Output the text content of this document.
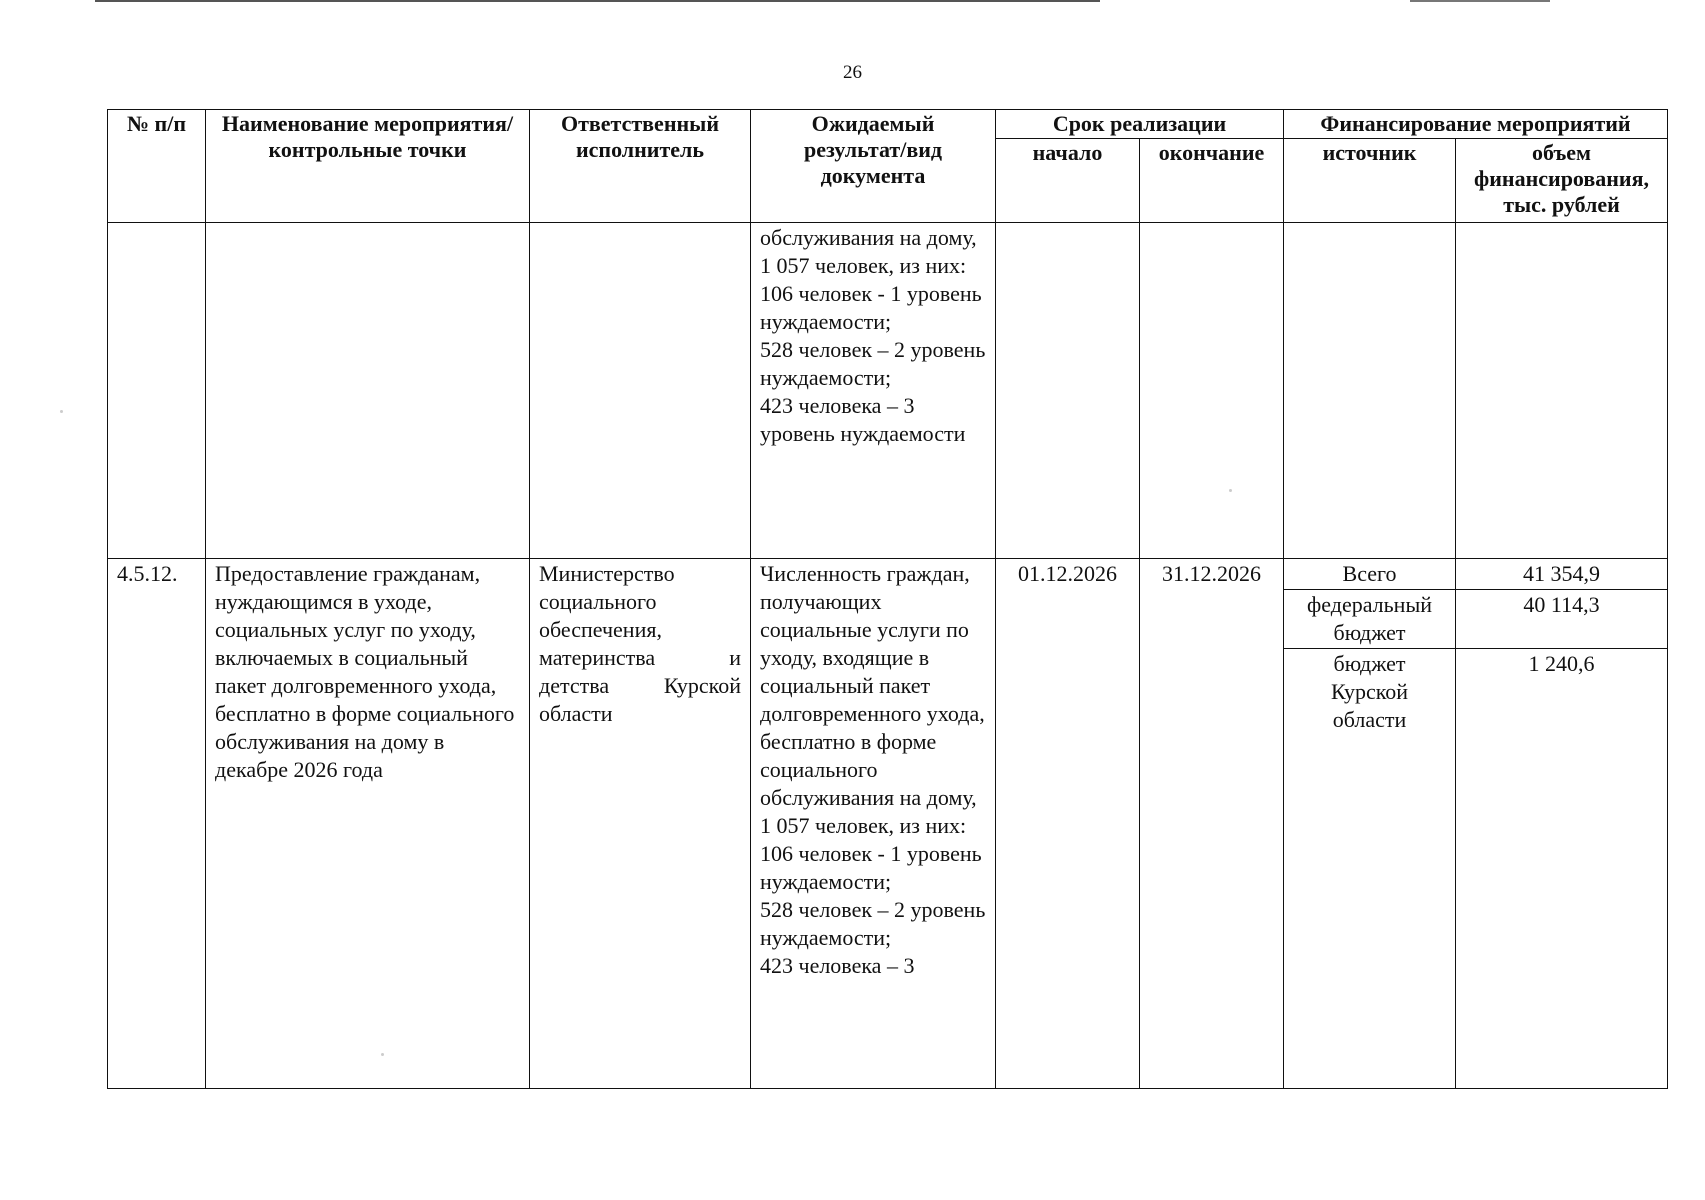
26
№ п/п	Наименование мероприятия/контрольные точки	Ответственный исполнитель	Ожидаемый результат/вид документа	Срок реализации		Финансирование мероприятий	
				начало	окончание	источник	объем финансирования, тыс. рублей
			обслуживания на дому, 1 057 человек, из них:
106 человек - 1 уровень нуждаемости;
528 человек – 2 уровень нуждаемости;
423 человека – 3 уровень нуждаемости				
4.5.12.	Предоставление гражданам, нуждающимся в уходе, социальных услуг по уходу, включаемых в социальный пакет долговременного ухода, бесплатно в форме социального обслуживания на дому в декабре 2026 года	Министерство социального обеспечения, материнства и детства Курской области	Численность граждан, получающих социальные услуги по уходу, входящие в социальный пакет долговременного ухода, бесплатно в форме социального обслуживания на дому, 1 057 человек, из них:
106 человек - 1 уровень нуждаемости;
528 человек – 2 уровень нуждаемости;
423 человека – 3	01.12.2026	31.12.2026	Всего	41 354,9
						федеральный бюджет	40 114,3
						бюджет Курской области	1 240,6
